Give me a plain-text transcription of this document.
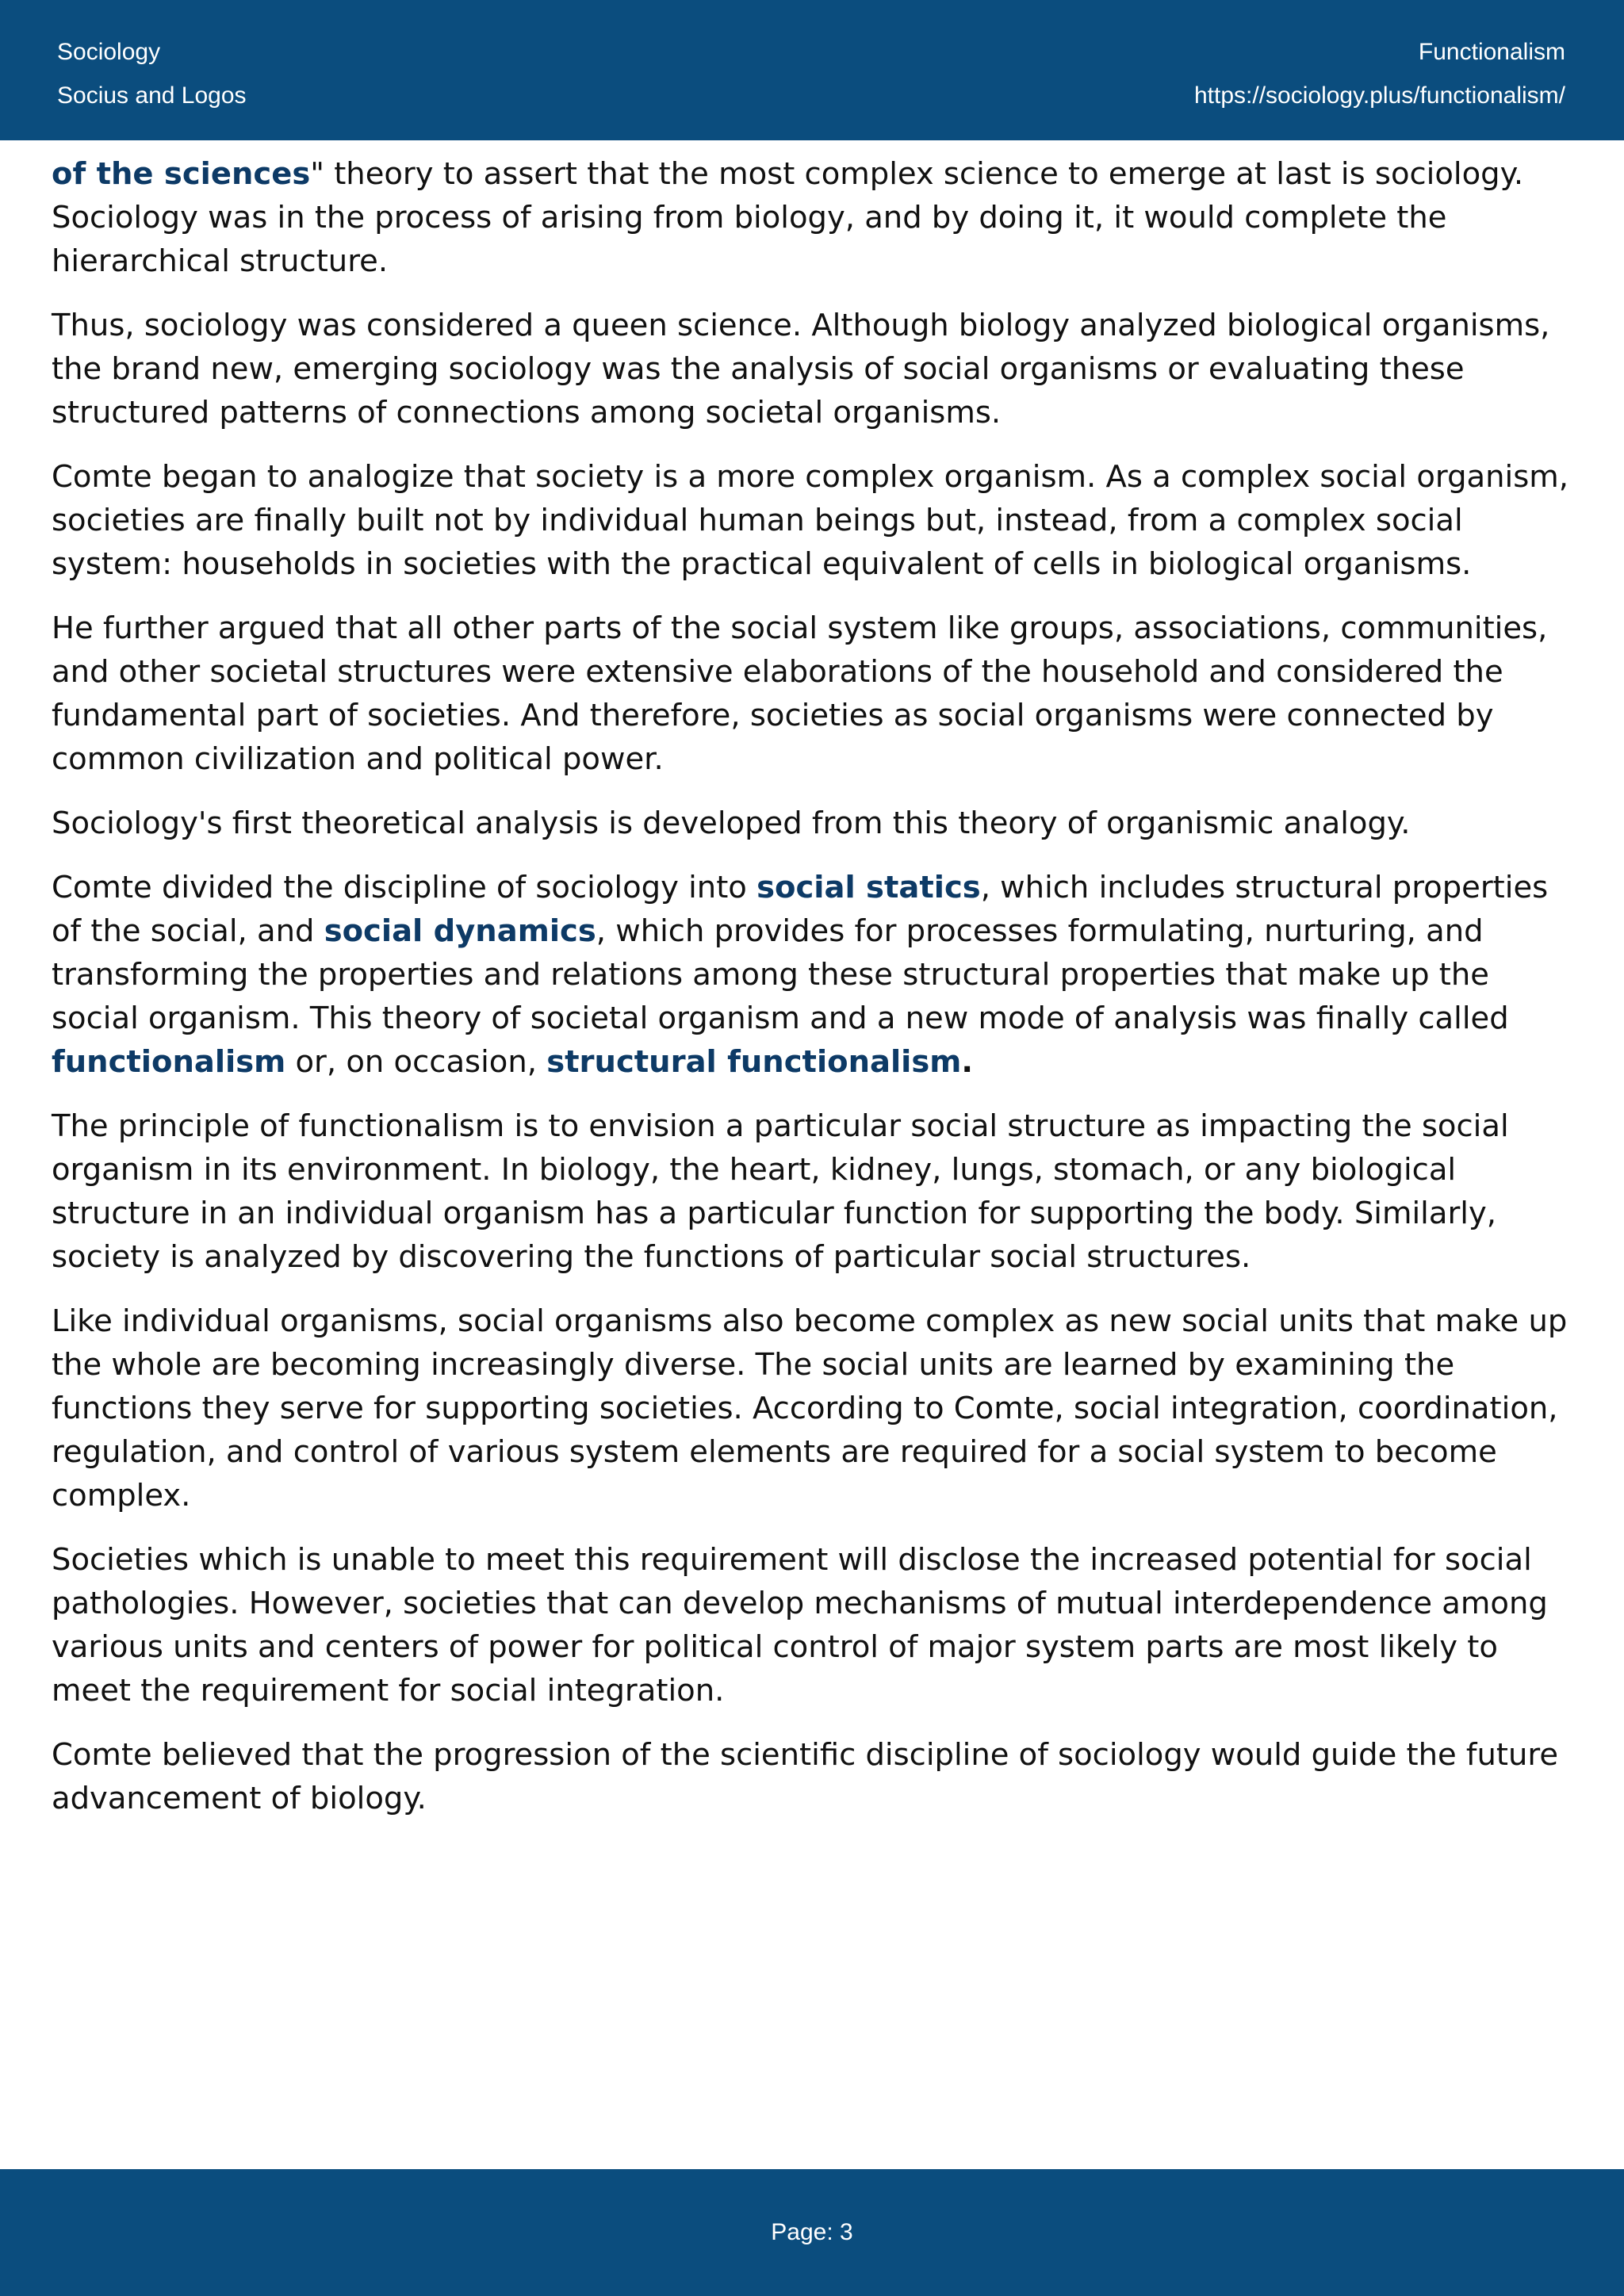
Sociology
Socius and Logos
Functionalism
https://sociology.plus/functionalism/

of the sciences" theory to assert that the most complex science to emerge at last is sociology. Sociology was in the process of arising from biology, and by doing it, it would complete the hierarchical structure.

Thus, sociology was considered a queen science. Although biology analyzed biological organisms, the brand new, emerging sociology was the analysis of social organisms or evaluating these structured patterns of connections among societal organisms.

Comte began to analogize that society is a more complex organism. As a complex social organism, societies are finally built not by individual human beings but, instead, from a complex social system: households in societies with the practical equivalent of cells in biological organisms.

He further argued that all other parts of the social system like groups, associations, communities, and other societal structures were extensive elaborations of the household and considered the fundamental part of societies. And therefore, societies as social organisms were connected by common civilization and political power.

Sociology's first theoretical analysis is developed from this theory of organismic analogy.

Comte divided the discipline of sociology into social statics, which includes structural properties of the social, and social dynamics, which provides for processes formulating, nurturing, and transforming the properties and relations among these structural properties that make up the social organism. This theory of societal organism and a new mode of analysis was finally called functionalism or, on occasion, structural functionalism.

The principle of functionalism is to envision a particular social structure as impacting the social organism in its environment. In biology, the heart, kidney, lungs, stomach, or any biological structure in an individual organism has a particular function for supporting the body. Similarly, society is analyzed by discovering the functions of particular social structures.

Like individual organisms, social organisms also become complex as new social units that make up the whole are becoming increasingly diverse. The social units are learned by examining the functions they serve for supporting societies. According to Comte, social integration, coordination, regulation, and control of various system elements are required for a social system to become complex.

Societies which is unable to meet this requirement will disclose the increased potential for social pathologies. However, societies that can develop mechanisms of mutual interdependence among various units and centers of power for political control of major system parts are most likely to meet the requirement for social integration.

Comte believed that the progression of the scientific discipline of sociology would guide the future advancement of biology.

Page: 3
